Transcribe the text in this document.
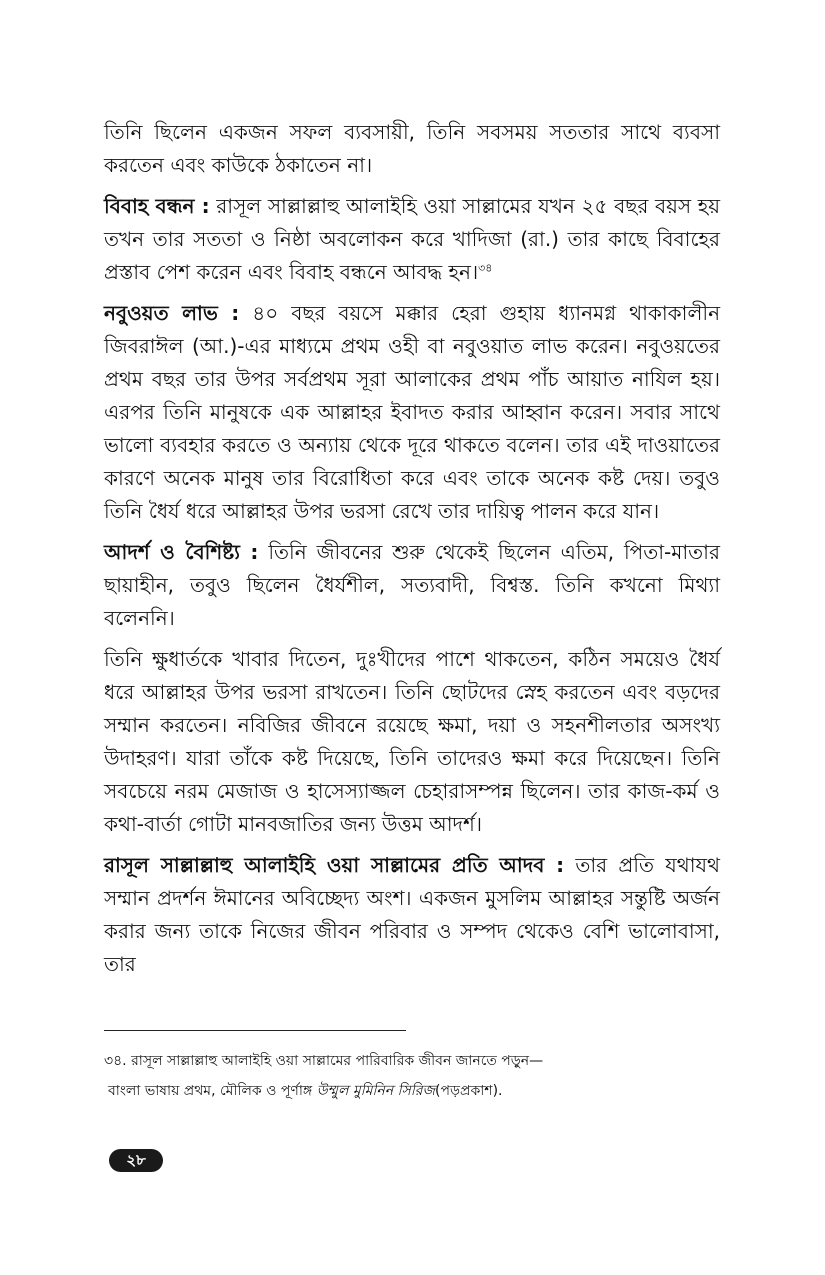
তিনি ছিলেন একজন সফল ব্যবসায়ী, তিনি সবসময় সততার সাথে ব্যবসা করতেন এবং কাউকে ঠকাতেন না।

বিবাহ বন্ধন : রাসূল সাল্লাল্লাহু আলাইহি ওয়া সাল্লামের যখন ২৫ বছর বয়স হয় তখন তার সততা ও নিষ্ঠা অবলোকন করে খাদিজা (রা.) তার কাছে বিবাহের প্রস্তাব পেশ করেন এবং বিবাহ বন্ধনে আবদ্ধ হন।$^{৩৪}$

নবুওয়ত লাভ : ৪০ বছর বয়সে মক্কার হেরা গুহায় ধ্যানমগ্ন থাকাকালীন জিবরাঈল (আ.)-এর মাধ্যমে প্রথম ওহী বা নবুওয়াত লাভ করেন। নবুওয়তের প্রথম বছর তার উপর সর্বপ্রথম সূরা আলাকের প্রথম পাঁচ আয়াত নাযিল হয়। এরপর তিনি মানুষকে এক আল্লাহর ইবাদত করার আহ্বান করেন। সবার সাথে ভালো ব্যবহার করতে ও অন্যায় থেকে দূরে থাকতে বলেন। তার এই দাওয়াতের কারণে অনেক মানুষ তার বিরোধিতা করে এবং তাকে অনেক কষ্ট দেয়। তবুও তিনি ধৈর্য ধরে আল্লাহর উপর ভরসা রেখে তার দায়িত্ব পালন করে যান।

আদর্শ ও বৈশিষ্ট্য : তিনি জীবনের শুরু থেকেই ছিলেন এতিম, পিতা-মাতার ছায়াহীন, তবুও ছিলেন ধৈর্যশীল, সত্যবাদী, বিশ্বস্ত. তিনি কখনো মিথ্যা বলেননি।

তিনি ক্ষুধার্তকে খাবার দিতেন, দুঃখীদের পাশে থাকতেন, কঠিন সময়েও ধৈর্য ধরে আল্লাহর উপর ভরসা রাখতেন। তিনি ছোটদের স্নেহ করতেন এবং বড়দের সম্মান করতেন। নবিজির জীবনে রয়েছে ক্ষমা, দয়া ও সহনশীলতার অসংখ্য উদাহরণ। যারা তাঁকে কষ্ট দিয়েছে, তিনি তাদেরও ক্ষমা করে দিয়েছেন। তিনি সবচেয়ে নরম মেজাজ ও হাসেস্যাজ্জল চেহারাসম্পন্ন ছিলেন। তার কাজ-কর্ম ও কথা-বার্তা গোটা মানবজাতির জন্য উত্তম আদর্শ।

রাসূল সাল্লাল্লাহু আলাইহি ওয়া সাল্লামের প্রতি আদব : তার প্রতি যথাযথ সম্মান প্রদর্শন ঈমানের অবিচ্ছেদ্য অংশ। একজন মুসলিম আল্লাহর সন্তুষ্টি অর্জন করার জন্য তাকে নিজের জীবন পরিবার ও সম্পদ থেকেও বেশি ভালোবাসা, তার

৩৪. রাসূল সাল্লাল্লাহু আলাইহি ওয়া সাল্লামের পারিবারিক জীবন জানতে পড়ুন—

বাংলা ভাষায় প্রথম, মৌলিক ও পূর্ণাঙ্গ উম্মুল মুমিনিন সিরিজ(পড়প্রকাশ).

২৮
